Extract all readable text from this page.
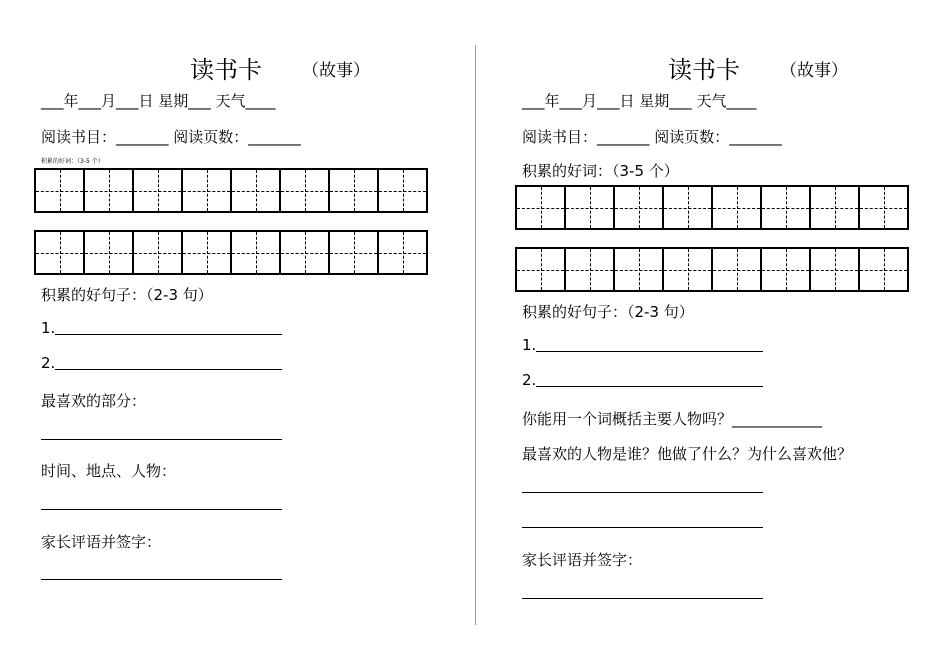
读书卡 （故事）
___年___月___日 星期___ 天气____
阅读书目：_______ 阅读页数：_______
积累的好词：（3-5 个）
积累的好句子：（2-3 句）
1.
2.
最喜欢的部分：
时间、地点、人物：
家长评语并签字：
读书卡 （故事）
___年___月___日 星期___ 天气____
阅读书目：_______ 阅读页数：_______
积累的好词：（3-5 个）
积累的好句子：（2-3 句）
1.
2.
你能用一个词概括主要人物吗？____________
最喜欢的人物是谁？他做了什么？为什么喜欢他？
家长评语并签字：
